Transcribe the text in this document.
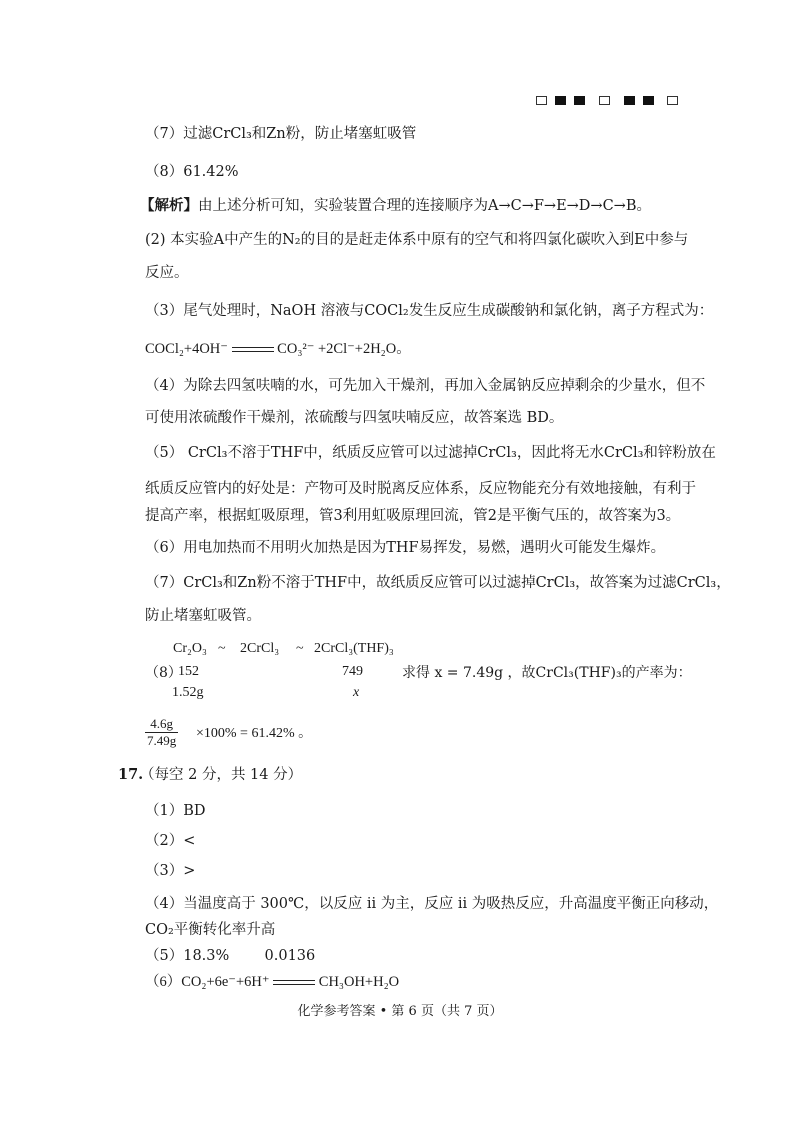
（7）过滤CrCl₃和Zn粉，防止堵塞虹吸管
（8）61.42%
【解析】由上述分析可知，实验装置合理的连接顺序为A→C→F→E→D→C→B。
(2) 本实验A中产生的N₂的目的是赶走体系中原有的空气和将四氯化碳吹入到E中参与
反应。
（3）尾气处理时，NaOH 溶液与COCl₂发生反应生成碳酸钠和氯化钠，离子方程式为：
COCl₂+4OH⁻	CO₃²⁻ +2Cl⁻+2H₂O。
（4）为除去四氢呋喃的水，可先加入干燥剂，再加入金属钠反应掉剩余的少量水，但不
可使用浓硫酸作干燥剂，浓硫酸与四氢呋喃反应，故答案选 BD。
（5） CrCl₃不溶于THF中，纸质反应管可以过滤掉CrCl₃，因此将无水CrCl₃和锌粉放在
纸质反应管内的好处是：产物可及时脱离反应体系，反应物能充分有效地接触，有利于
提高产率，根据虹吸原理，管3利用虹吸原理回流，管2是平衡气压的，故答案为3。
（6）用电加热而不用明火加热是因为THF易挥发，易燃，遇明火可能发生爆炸。
（7）CrCl₃和Zn粉不溶于THF中，故纸质反应管可以过滤掉CrCl₃，故答案为过滤CrCl₃，
防止堵塞虹吸管。
（8）
Cr₂O₃ ~ 2CrCl₃ ~ 2CrCl₃(THF)₃
152	749
1.52g	x
求得 x = 7.49g ，故CrCl₃(THF)₃的产率为：
$\frac{4.6g}{7.49g} \times 100\% = 61.42\%$ 。
17.
（每空 2 分，共 14 分）
（1）BD
（2）<
（3）>
（4）当温度高于 300℃，以反应 ⅱ 为主，反应 ⅱ 为吸热反应，升高温度平衡正向移动，
CO₂平衡转化率升高
（5）18.3% 0.0136
（6）CO₂+6e⁻+6H⁺	CH₃OH+H₂O
化学参考答案 • 第 6 页（共 7 页）
